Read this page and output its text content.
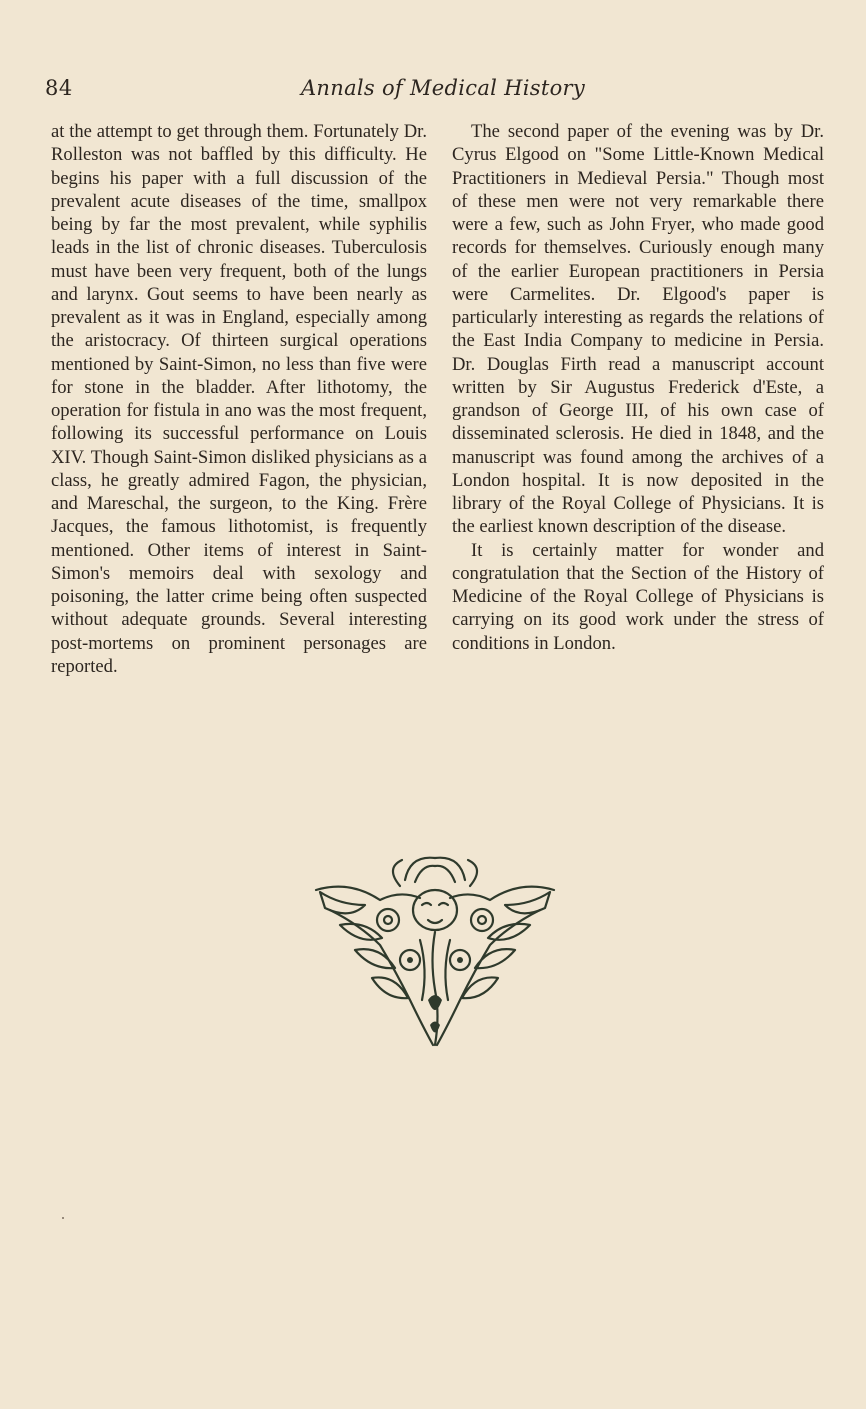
84	Annals of Medical History

at the attempt to get through them. Fortunately Dr. Rolleston was not baffled by this difficulty. He begins his paper with a full discussion of the prevalent acute diseases of the time, smallpox being by far the most prevalent, while syphilis leads in the list of chronic diseases. Tuberculosis must have been very frequent, both of the lungs and larynx. Gout seems to have been nearly as prevalent as it was in England, especially among the aristocracy. Of thirteen surgical operations mentioned by Saint-Simon, no less than five were for stone in the bladder. After lithotomy, the operation for fistula in ano was the most frequent, following its successful performance on Louis XIV. Though Saint-Simon disliked physicians as a class, he greatly admired Fagon, the physician, and Mareschal, the surgeon, to the King. Frère Jacques, the famous lithotomist, is frequently mentioned. Other items of interest in Saint-Simon's memoirs deal with sexology and poisoning, the latter crime being often suspected without adequate grounds. Several interesting post-mortems on prominent personages are reported.

The second paper of the evening was by Dr. Cyrus Elgood on "Some Little-Known Medical Practitioners in Medieval Persia." Though most of these men were not very remarkable there were a few, such as John Fryer, who made good records for themselves. Curiously enough many of the earlier European practitioners in Persia were Carmelites. Dr. Elgood's paper is particularly interesting as regards the relations of the East India Company to medicine in Persia. Dr. Douglas Firth read a manuscript account written by Sir Augustus Frederick d'Este, a grandson of George III, of his own case of disseminated sclerosis. He died in 1848, and the manuscript was found among the archives of a London hospital. It is now deposited in the library of the Royal College of Physicians. It is the earliest known description of the disease.

It is certainly matter for wonder and congratulation that the Section of the History of Medicine of the Royal College of Physicians is carrying on its good work under the stress of conditions in London.
